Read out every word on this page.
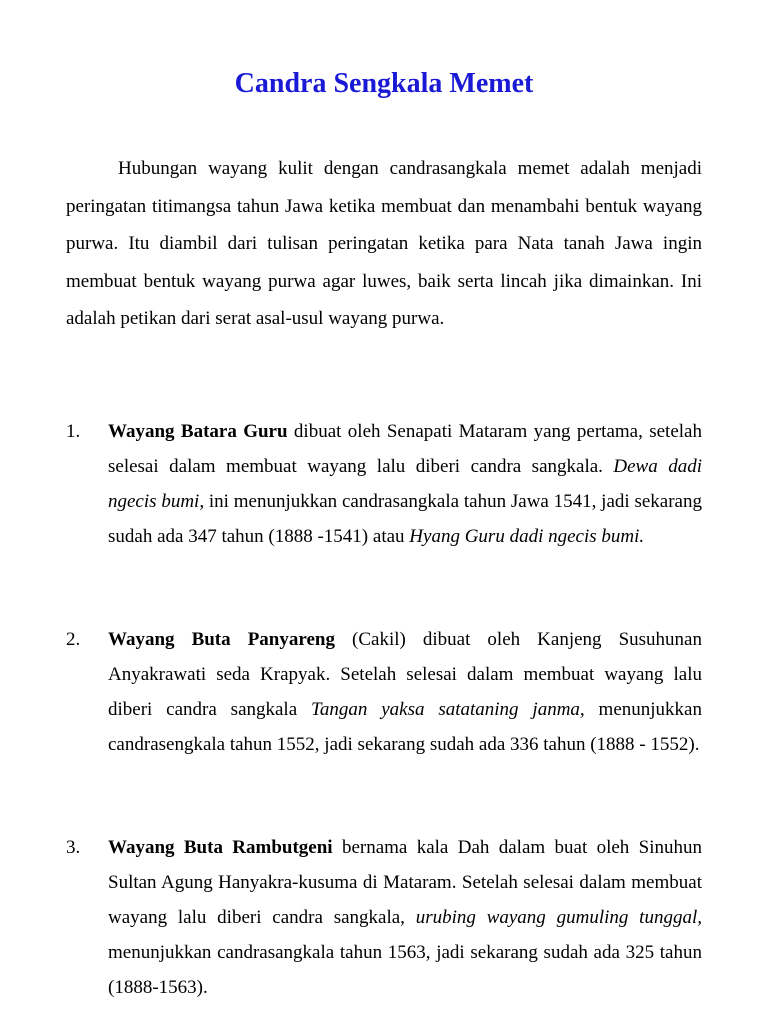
Candra Sengkala Memet

Hubungan wayang kulit dengan candrasangkala memet adalah menjadi peringatan titimangsa tahun Jawa ketika membuat dan menambahi bentuk wayang purwa. Itu diambil dari tulisan peringatan ketika para Nata tanah Jawa ingin membuat bentuk wayang purwa agar luwes, baik serta lincah jika dimainkan. Ini adalah petikan dari serat asal-usul wayang purwa.

1. Wayang Batara Guru dibuat oleh Senapati Mataram yang pertama, setelah selesai dalam membuat wayang lalu diberi candra sangkala. Dewa dadi ngecis bumi, ini menunjukkan candrasangkala tahun Jawa 1541, jadi sekarang sudah ada 347 tahun (1888 -1541) atau Hyang Guru dadi ngecis bumi.

2. Wayang Buta Panyareng (Cakil) dibuat oleh Kanjeng Susuhunan Anyakrawati seda Krapyak. Setelah selesai dalam membuat wayang lalu diberi candra sangkala Tangan yaksa satataning janma, menunjukkan candrasengkala tahun 1552, jadi sekarang sudah ada 336 tahun (1888 - 1552).

3. Wayang Buta Rambutgeni bernama kala Dah dalam buat oleh Sinuhun Sultan Agung Hanyakra-kusuma di Mataram. Setelah selesai dalam membuat wayang lalu diberi candra sangkala, urubing wayang gumuling tunggal, menunjukkan candrasangkala tahun 1563, jadi sekarang sudah ada 325 tahun (1888-1563).
